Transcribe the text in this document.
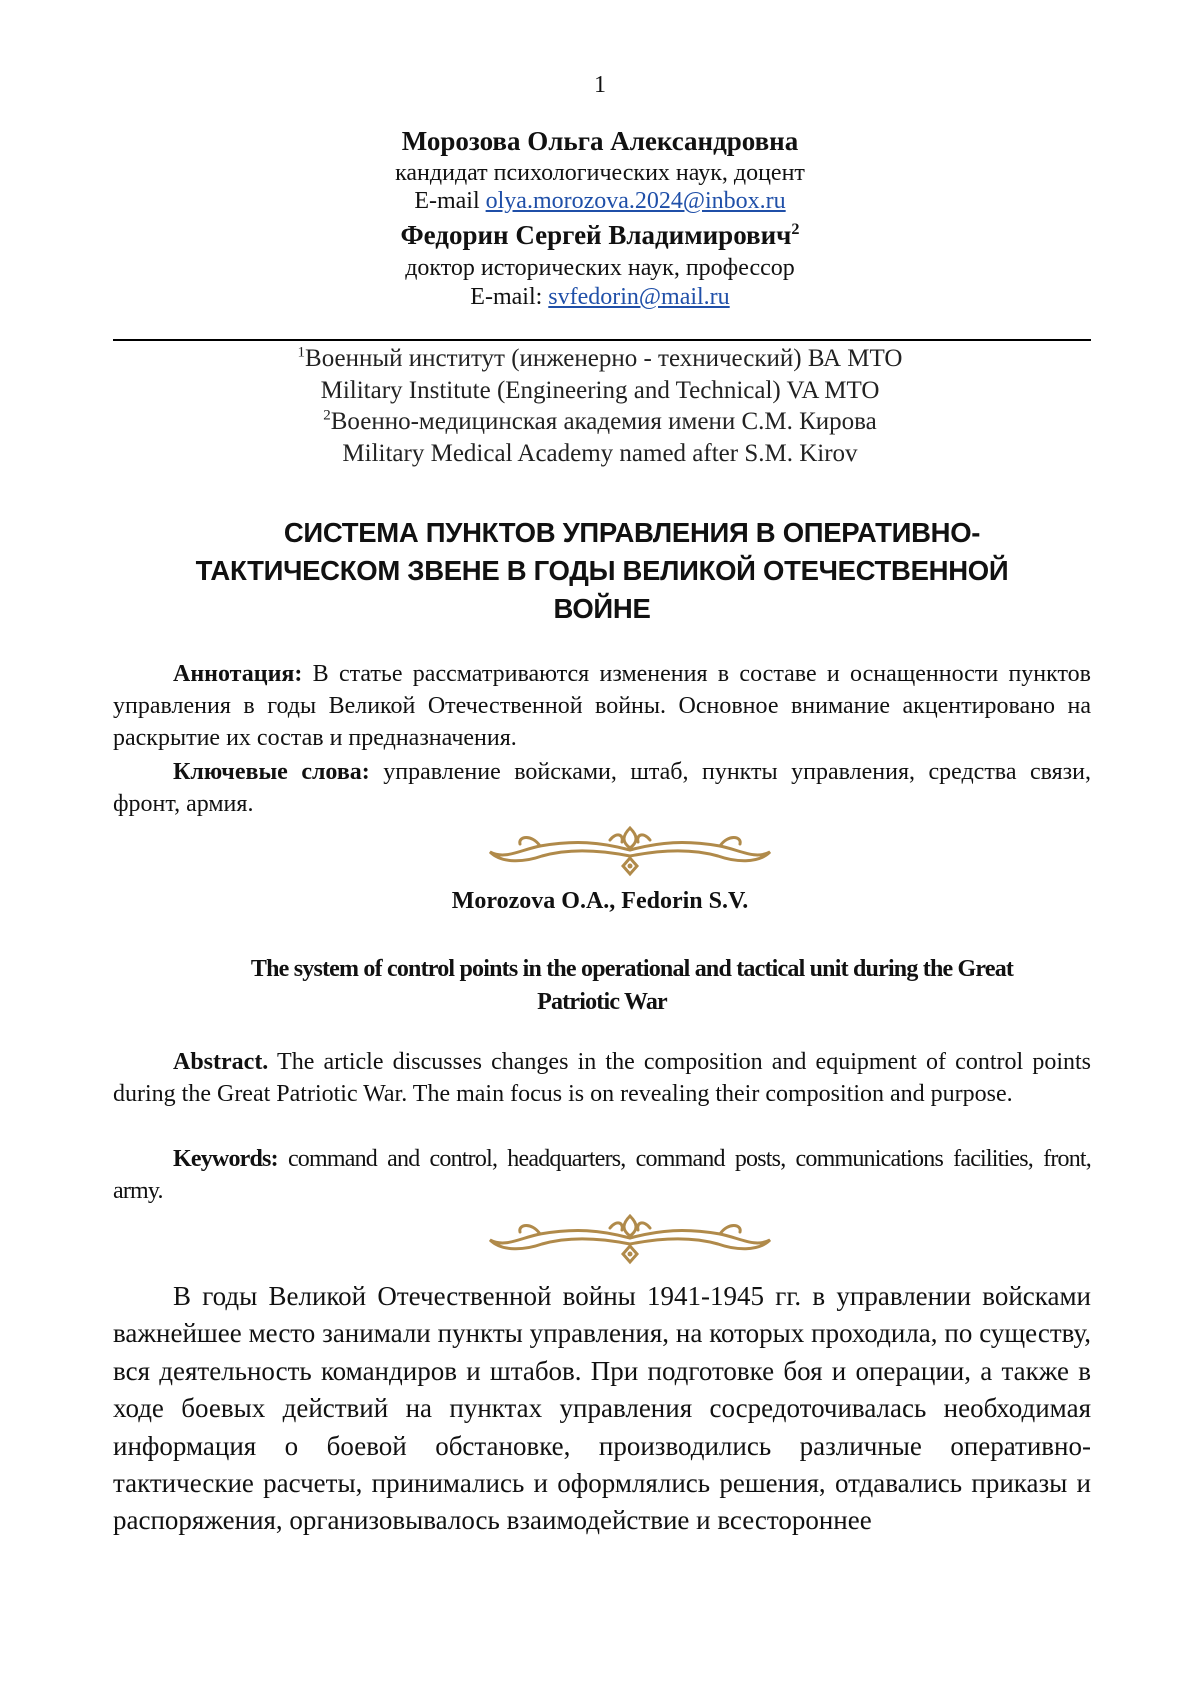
1
Морозова Ольга Александровна
кандидат психологических наук, доцент
E-mail olya.morozova.2024@inbox.ru
Федорин Сергей Владимирович$^2$
доктор исторических наук, профессор
E-mail: svfedorin@mail.ru
$^1$Военный институт (инженерно - технический) ВА МТО
Military Institute (Engineering and Technical) VA MTO
$^2$Военно-медицинская академия имени С.М. Кирова
Military Medical Academy named after S.M. Kirov
СИСТЕМА ПУНКТОВ УПРАВЛЕНИЯ В ОПЕРАТИВНО-
ТАКТИЧЕСКОМ ЗВЕНЕ В ГОДЫ ВЕЛИКОЙ ОТЕЧЕСТВЕННОЙ
ВОЙНЕ
Аннотация: В статье рассматриваются изменения в составе и оснащенности пунктов управления в годы Великой Отечественной войны. Основное внимание акцентировано на раскрытие их состав и предназначения.
Ключевые слова: управление войсками, штаб, пункты управления, средства связи, фронт, армия.
Morozova O.A., Fedorin S.V.
The system of control points in the operational and tactical unit during the Great
Patriotic War
Abstract. The article discusses changes in the composition and equipment of control points during the Great Patriotic War. The main focus is on revealing their composition and purpose.
Keywords: command and control, headquarters, command posts, communications facilities, front, army.
В годы Великой Отечественной войны 1941-1945 гг. в управлении войсками важнейшее место занимали пункты управления, на которых проходила, по существу, вся деятельность командиров и штабов. При подготовке боя и операции, а также в ходе боевых действий на пунктах управления сосредоточивалась необходимая информация о боевой обстановке, производились различные оперативно-тактические расчеты, принимались и оформлялись решения, отдавались приказы и распоряжения, организовывалось взаимодействие и всестороннее
